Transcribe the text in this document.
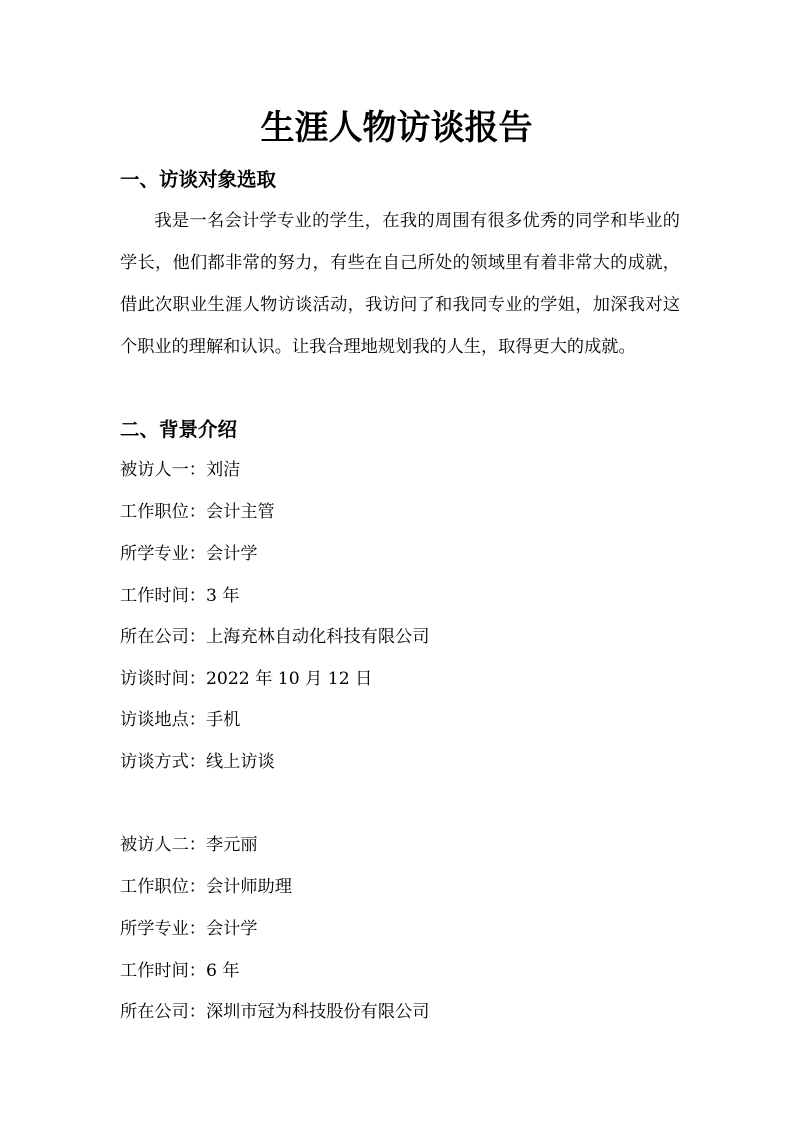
生涯人物访谈报告
一、访谈对象选取

我是一名会计学专业的学生，在我的周围有很多优秀的同学和毕业的学长，他们都非常的努力，有些在自己所处的领域里有着非常大的成就，借此次职业生涯人物访谈活动，我访问了和我同专业的学姐，加深我对这个职业的理解和认识。让我合理地规划我的人生，取得更大的成就。

二、背景介绍

被访人一：刘洁

工作职位：会计主管

所学专业：会计学

工作时间：3 年

所在公司：上海充林自动化科技有限公司

访谈时间：2022 年 10 月 12 日

访谈地点：手机

访谈方式：线上访谈

被访人二：李元丽

工作职位：会计师助理

所学专业：会计学

工作时间：6 年

所在公司：深圳市冠为科技股份有限公司
